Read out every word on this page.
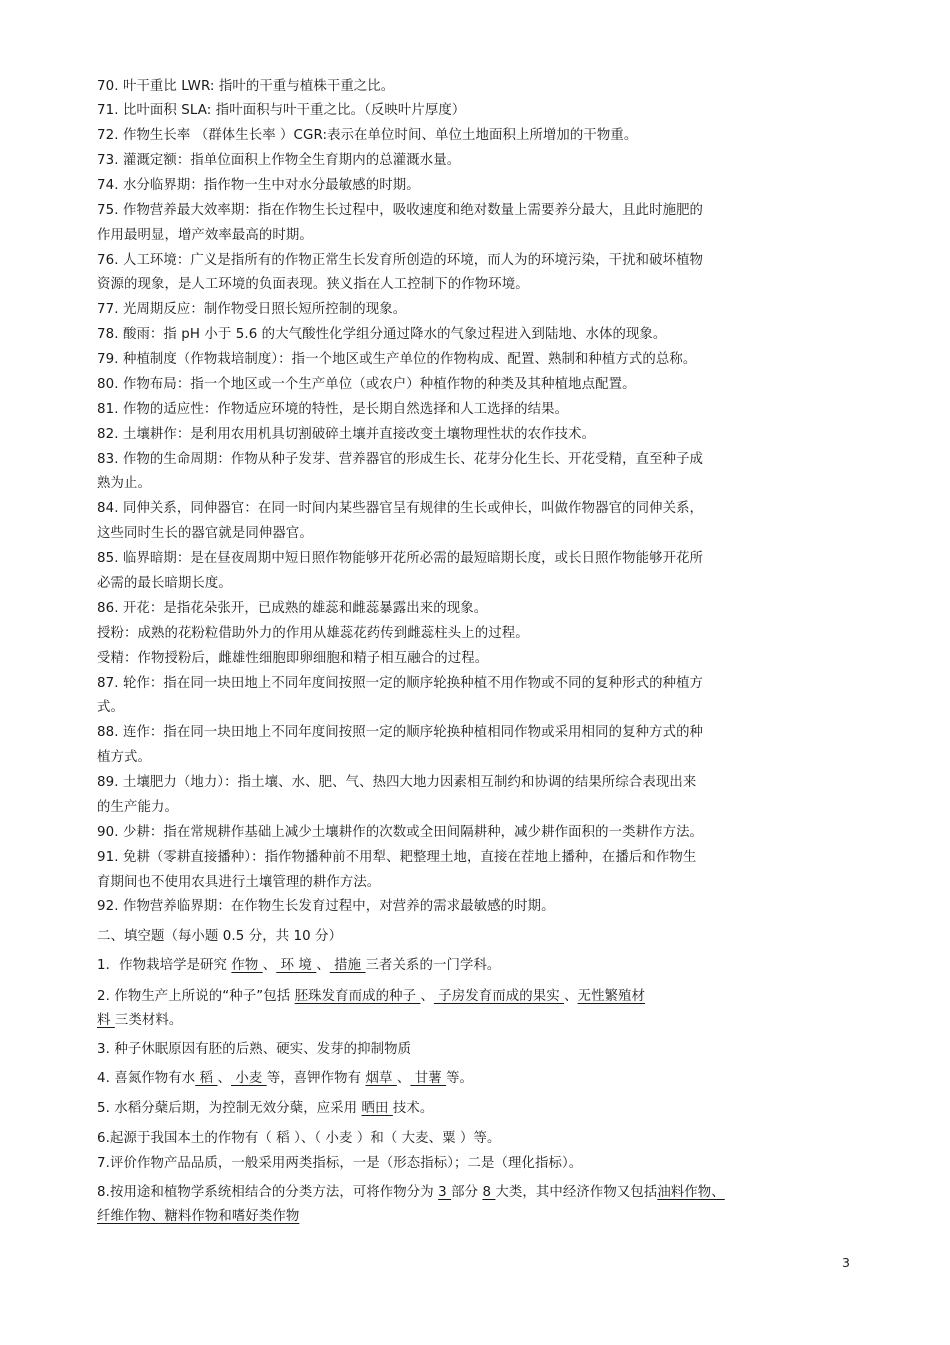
70. 叶干重比 LWR: 指叶的干重与植株干重之比。
71. 比叶面积 SLA: 指叶面积与叶干重之比。（反映叶片厚度）
72. 作物生长率 （群体生长率 ）CGR:表示在单位时间、单位土地面积上所增加的干物重。
73. 灌溉定额：指单位面积上作物全生育期内的总灌溉水量。
74. 水分临界期：指作物一生中对水分最敏感的时期。
75. 作物营养最大效率期：指在作物生长过程中，吸收速度和绝对数量上需要养分最大，且此时施肥的
作用最明显，增产效率最高的时期。
76. 人工环境：广义是指所有的作物正常生长发育所创造的环境，而人为的环境污染，干扰和破坏植物
资源的现象，是人工环境的负面表现。狭义指在人工控制下的作物环境。
77. 光周期反应：制作物受日照长短所控制的现象。
78. 酸雨：指 pH 小于 5.6 的大气酸性化学组分通过降水的气象过程进入到陆地、水体的现象。
79. 种植制度（作物栽培制度）：指一个地区或生产单位的作物构成、配置、熟制和种植方式的总称。
80. 作物布局：指一个地区或一个生产单位（或农户）种植作物的种类及其种植地点配置。
81. 作物的适应性：作物适应环境的特性，是长期自然选择和人工选择的结果。
82. 土壤耕作：是利用农用机具切割破碎土壤并直接改变土壤物理性状的农作技术。
83. 作物的生命周期：作物从种子发芽、营养器官的形成生长、花芽分化生长、开花受精，直至种子成
熟为止。
84. 同伸关系，同伸器官：在同一时间内某些器官呈有规律的生长或伸长，叫做作物器官的同伸关系，
这些同时生长的器官就是同伸器官。
85. 临界暗期：是在昼夜周期中短日照作物能够开花所必需的最短暗期长度，或长日照作物能够开花所
必需的最长暗期长度。
86. 开花：是指花朵张开，已成熟的雄蕊和雌蕊暴露出来的现象。
授粉：成熟的花粉粒借助外力的作用从雄蕊花药传到雌蕊柱头上的过程。
受精：作物授粉后，雌雄性细胞即卵细胞和精子相互融合的过程。
87. 轮作：指在同一块田地上不同年度间按照一定的顺序轮换种植不用作物或不同的复种形式的种植方
式。
88. 连作：指在同一块田地上不同年度间按照一定的顺序轮换种植相同作物或采用相同的复种方式的种
植方式。
89. 土壤肥力（地力）：指土壤、水、肥、气、热四大地力因素相互制约和协调的结果所综合表现出来
的生产能力。
90. 少耕：指在常规耕作基础上减少土壤耕作的次数或全田间隔耕种，减少耕作面积的一类耕作方法。
91. 免耕（零耕直接播种）：指作物播种前不用犁、耙整理土地，直接在茬地上播种，在播后和作物生
育期间也不使用农具进行土壤管理的耕作方法。
92. 作物营养临界期：在作物生长发育过程中，对营养的需求最敏感的时期。
二、填空题（每小题 0.5 分，共 10 分）
1．作物栽培学是研究 作物 、 环 境 、 措施 三者关系的一门学科。
2. 作物生产上所说的“种子”包括 胚珠发育而成的种子 、 子房发育而成的果实 、无性繁殖材
料 三类材料。
3. 种子休眠原因有胚的后熟、硬实、发芽的抑制物质
4. 喜氮作物有水 稻 、 小麦 等，喜钾作物有 烟草 、 甘薯 等。
5. 水稻分蘖后期，为控制无效分蘖，应采用 晒田 技术。
6.起源于我国本土的作物有（ 稻 ）、（ 小麦 ）和（ 大麦、粟 ）等。
7.评价作物产品品质，一般采用两类指标，一是（形态指标）；二是（理化指标）。
8.按用途和植物学系统相结合的分类方法，可将作物分为 3 部分 8 大类，其中经济作物又包括油料作物、
纤维作物、糖料作物和嗜好类作物
3
